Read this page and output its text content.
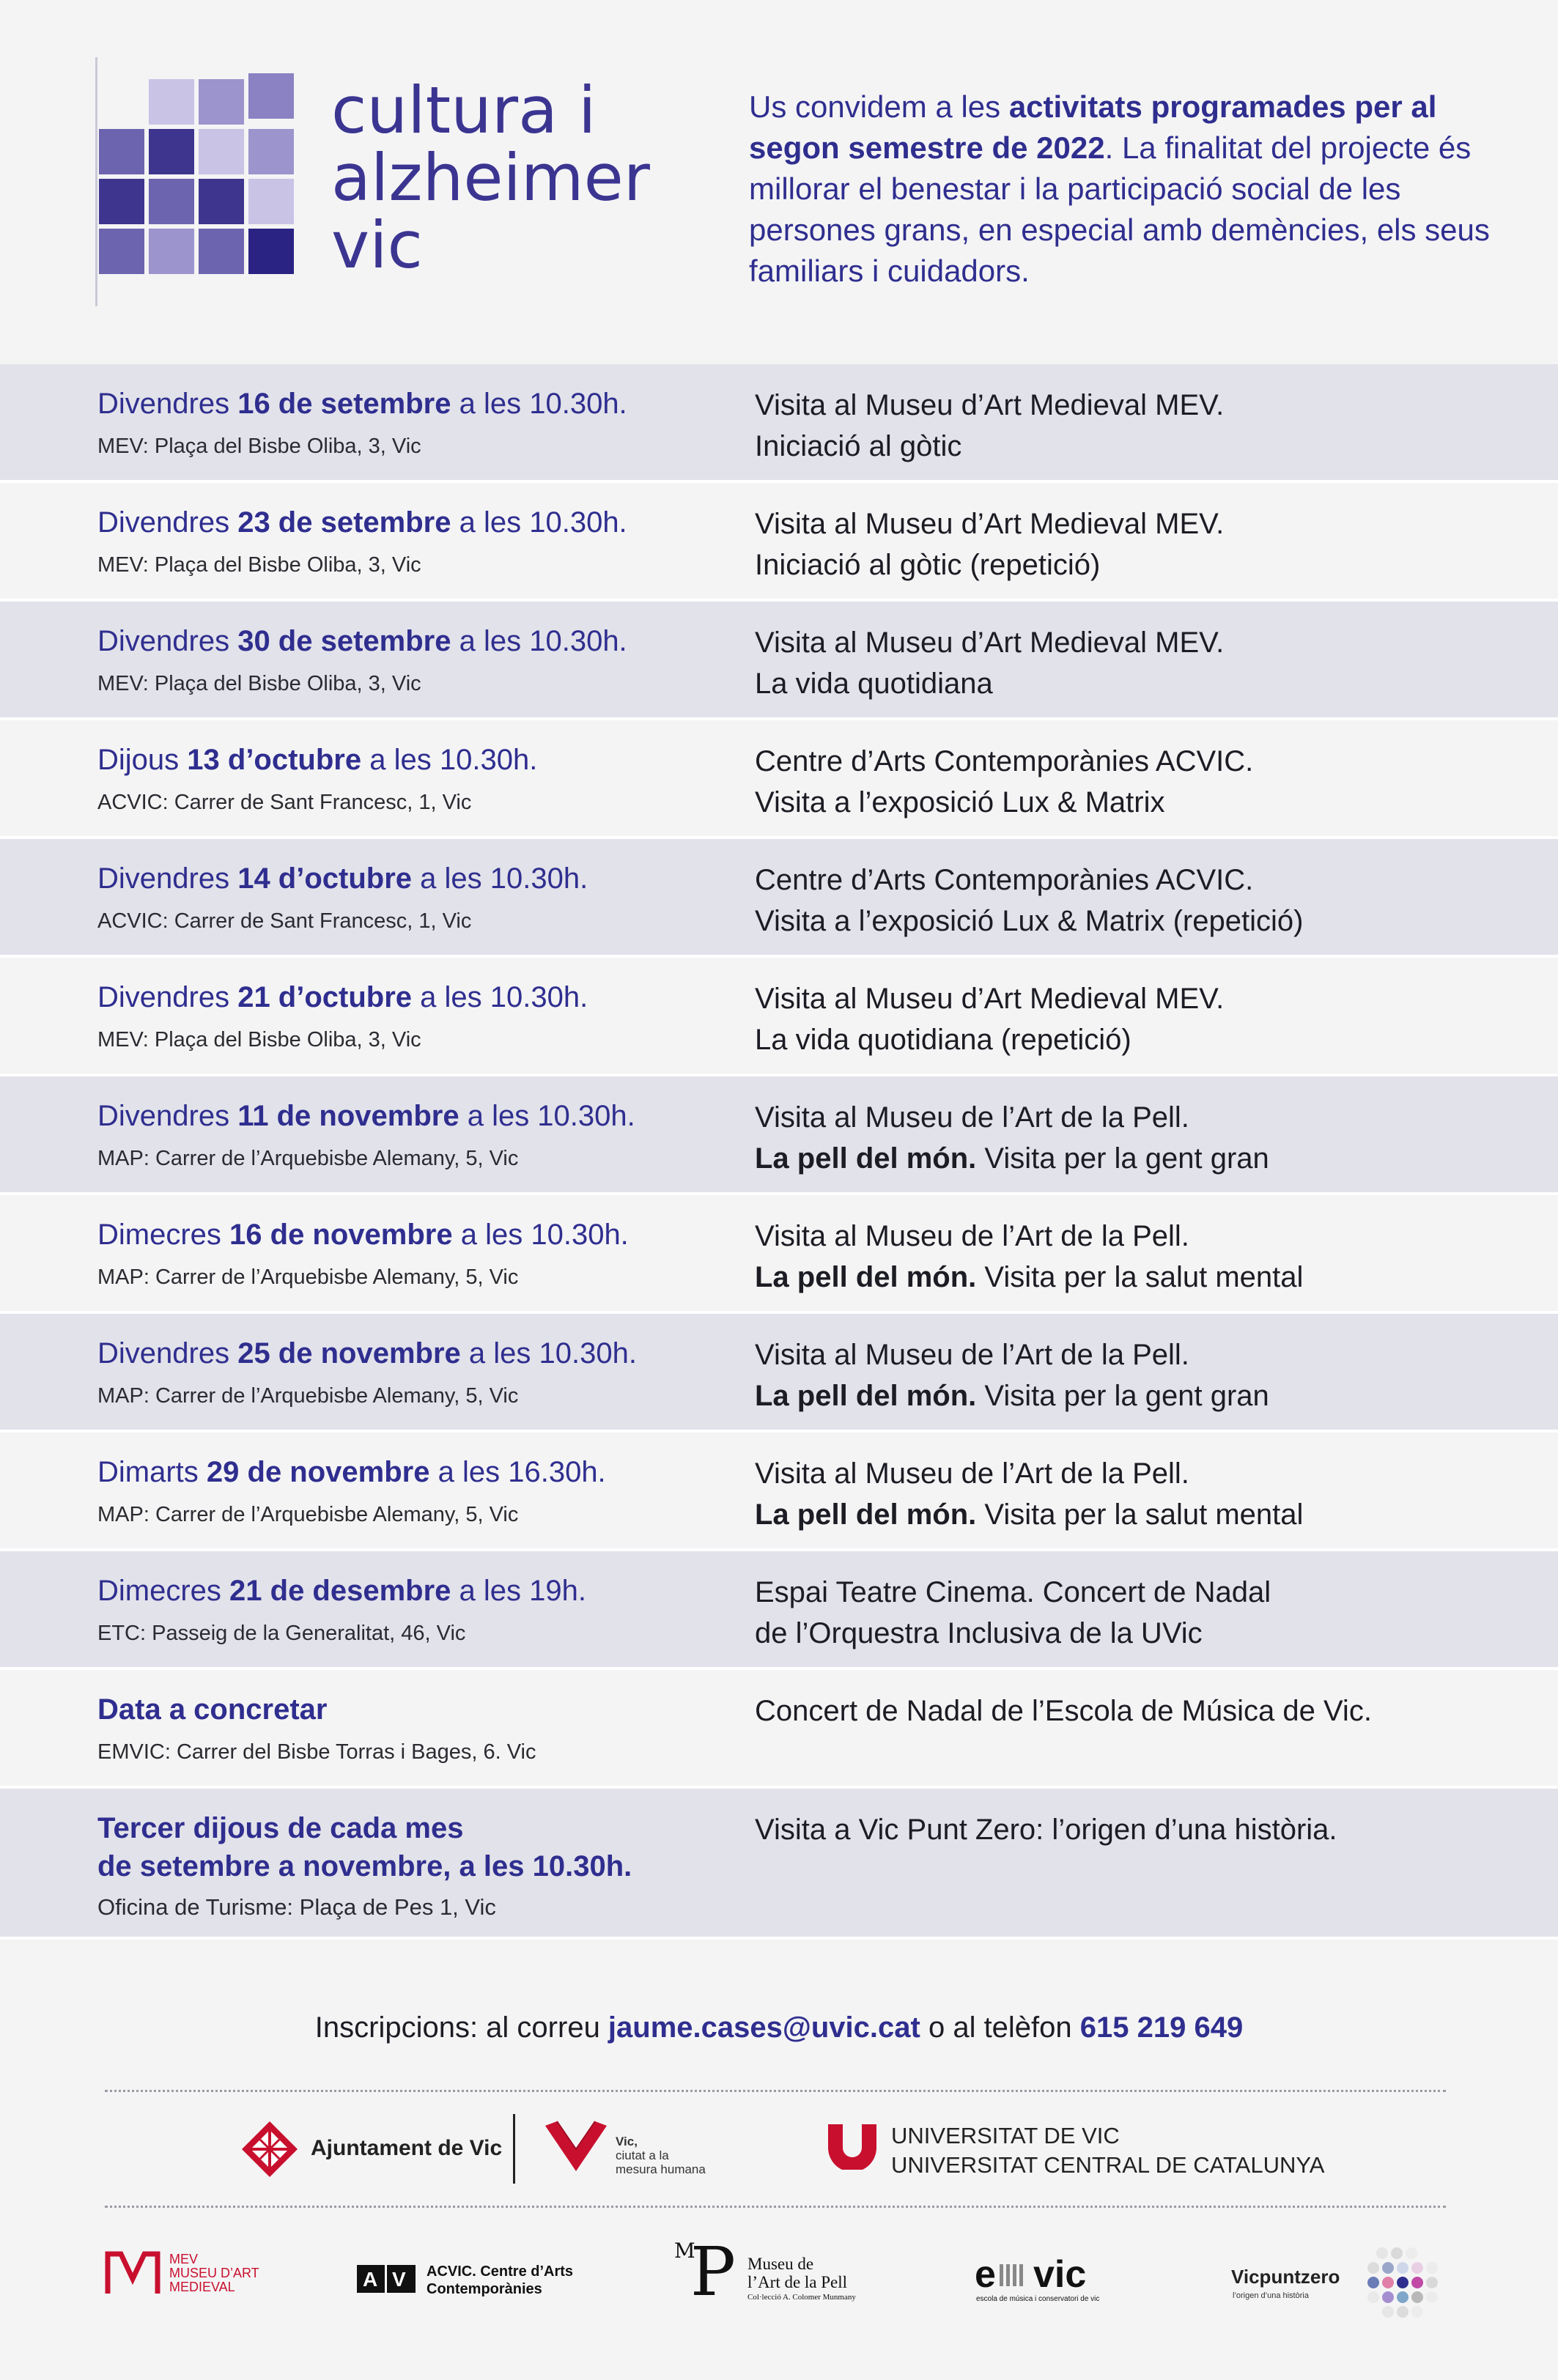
cultura i
alzheimer
vic
Us convidem a les activitats programades per al segon semestre de 2022. La finalitat del projecte és millorar el benestar i la participació social de les persones grans, en especial amb demències, els seus familiars i cuidadors.
Divendres 16 de setembre a les 10.30h.
MEV: Plaça del Bisbe Oliba, 3, Vic
Visita al Museu d’Art Medieval MEV.
Iniciació al gòtic
Divendres 23 de setembre a les 10.30h.
MEV: Plaça del Bisbe Oliba, 3, Vic
Visita al Museu d’Art Medieval MEV.
Iniciació al gòtic (repetició)
Divendres 30 de setembre a les 10.30h.
MEV: Plaça del Bisbe Oliba, 3, Vic
Visita al Museu d’Art Medieval MEV.
La vida quotidiana
Dijous 13 d’octubre a les 10.30h.
ACVIC: Carrer de Sant Francesc, 1, Vic
Centre d’Arts Contemporànies ACVIC.
Visita a l’exposició Lux & Matrix
Divendres 14 d’octubre a les 10.30h.
ACVIC: Carrer de Sant Francesc, 1, Vic
Centre d’Arts Contemporànies ACVIC.
Visita a l’exposició Lux & Matrix (repetició)
Divendres 21 d’octubre a les 10.30h.
MEV: Plaça del Bisbe Oliba, 3, Vic
Visita al Museu d’Art Medieval MEV.
La vida quotidiana (repetició)
Divendres 11 de novembre a les 10.30h.
MAP: Carrer de l’Arquebisbe Alemany, 5, Vic
Visita al Museu de l’Art de la Pell.
La pell del món. Visita per la gent gran
Dimecres 16 de novembre a les 10.30h.
MAP: Carrer de l’Arquebisbe Alemany, 5, Vic
Visita al Museu de l’Art de la Pell.
La pell del món. Visita per la salut mental
Divendres 25 de novembre a les 10.30h.
MAP: Carrer de l’Arquebisbe Alemany, 5, Vic
Visita al Museu de l’Art de la Pell.
La pell del món. Visita per la gent gran
Dimarts 29 de novembre a les 16.30h.
MAP: Carrer de l’Arquebisbe Alemany, 5, Vic
Visita al Museu de l’Art de la Pell.
La pell del món. Visita per la salut mental
Dimecres 21 de desembre a les 19h.
ETC: Passeig de la Generalitat, 46, Vic
Espai Teatre Cinema. Concert de Nadal
de l’Orquestra Inclusiva de la UVic
Data a concretar
EMVIC: Carrer del Bisbe Torras i Bages, 6. Vic
Concert de Nadal de l’Escola de Música de Vic.
Tercer dijous de cada mes
de setembre a novembre, a les 10.30h.
Oficina de Turisme: Plaça de Pes 1, Vic
Visita a Vic Punt Zero: l’origen d’una història.
Inscripcions: al correu jaume.cases@uvic.cat o al telèfon 615 219 649
Ajuntament de Vic	Vic,
ciutat a la
mesura humana
UNIVERSITAT DE VIC
UNIVERSITAT CENTRAL DE CATALUNYA
MEV
MUSEU D’ART
MEDIEVAL	A V ACVIC. Centre d’Arts
Contemporànies
M
P Museu de
l’Art de la Pell
Col·lecció A. Colomer Munmany
e vic
escola de música i conservatori de vic
Vicpuntzero
l’origen d’una història
